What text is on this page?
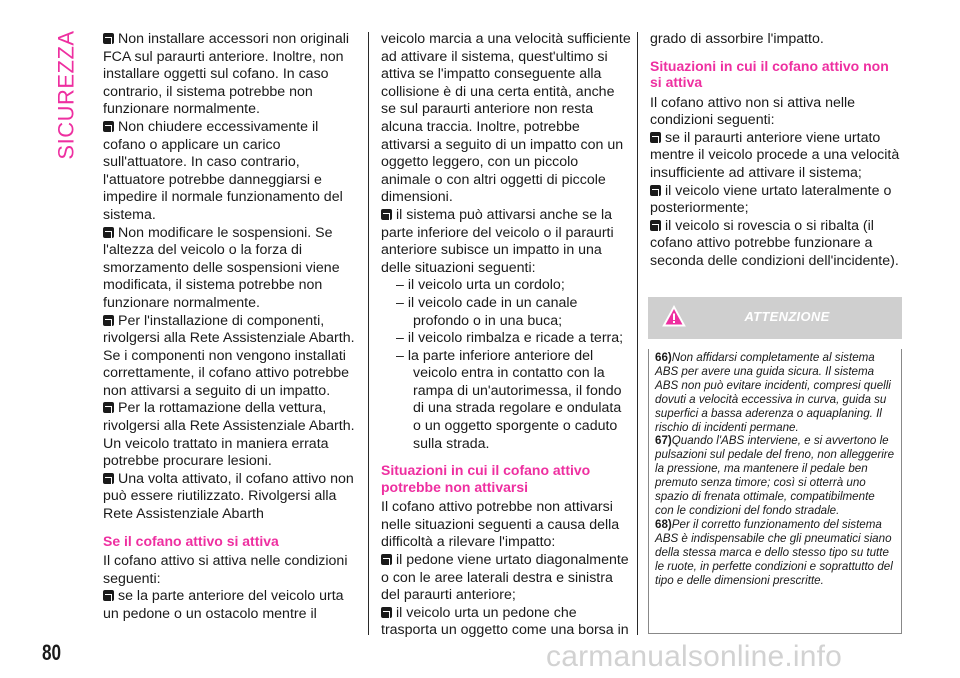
SICUREZZA
80

Non installare accessori non originali FCA sul paraurti anteriore. Inoltre, non installare oggetti sul cofano. In caso contrario, il sistema potrebbe non funzionare normalmente.

Non chiudere eccessivamente il cofano o applicare un carico sull'attuatore. In caso contrario, l'attuatore potrebbe danneggiarsi e impedire il normale funzionamento del sistema.

Non modificare le sospensioni. Se l'altezza del veicolo o la forza di smorzamento delle sospensioni viene modificata, il sistema potrebbe non funzionare normalmente.

Per l'installazione di componenti, rivolgersi alla Rete Assistenziale Abarth. Se i componenti non vengono installati correttamente, il cofano attivo potrebbe non attivarsi a seguito di un impatto.

Per la rottamazione della vettura, rivolgersi alla Rete Assistenziale Abarth. Un veicolo trattato in maniera errata potrebbe procurare lesioni.

Una volta attivato, il cofano attivo non può essere riutilizzato. Rivolgersi alla Rete Assistenziale Abarth

Se il cofano attivo si attiva

Il cofano attivo si attiva nelle condizioni seguenti:

se la parte anteriore del veicolo urta un pedone o un ostacolo mentre il

veicolo marcia a una velocità sufficiente ad attivare il sistema, quest'ultimo si attiva se l'impatto conseguente alla collisione è di una certa entità, anche se sul paraurti anteriore non resta alcuna traccia. Inoltre, potrebbe attivarsi a seguito di un impatto con un oggetto leggero, con un piccolo animale o con altri oggetti di piccole dimensioni.

il sistema può attivarsi anche se la parte inferiore del veicolo o il paraurti anteriore subisce un impatto in una delle situazioni seguenti:

– il veicolo urta un cordolo;

– il veicolo cade in un canale profondo o in una buca;

– il veicolo rimbalza e ricade a terra;

– la parte inferiore anteriore del veicolo entra in contatto con la rampa di un'autorimessa, il fondo di una strada regolare e ondulata o un oggetto sporgente o caduto sulla strada.

Situazioni in cui il cofano attivo potrebbe non attivarsi

Il cofano attivo potrebbe non attivarsi nelle situazioni seguenti a causa della difficoltà a rilevare l'impatto:

il pedone viene urtato diagonalmente o con le aree laterali destra e sinistra del paraurti anteriore;

il veicolo urta un pedone che trasporta un oggetto come una borsa in

grado di assorbire l'impatto.

Situazioni in cui il cofano attivo non si attiva

Il cofano attivo non si attiva nelle condizioni seguenti:

se il paraurti anteriore viene urtato mentre il veicolo procede a una velocità insufficiente ad attivare il sistema;

il veicolo viene urtato lateralmente o posteriormente;

il veicolo si rovescia o si ribalta (il cofano attivo potrebbe funzionare a seconda delle condizioni dell'incidente).

ATTENZIONE

66)Non affidarsi completamente al sistema ABS per avere una guida sicura. Il sistema ABS non può evitare incidenti, compresi quelli dovuti a velocità eccessiva in curva, guida su superfici a bassa aderenza o aquaplaning. Il rischio di incidenti permane.

67)Quando l'ABS interviene, e si avvertono le pulsazioni sul pedale del freno, non alleggerire la pressione, ma mantenere il pedale ben premuto senza timore; così si otterrà uno spazio di frenata ottimale, compatibilmente con le condizioni del fondo stradale.

68)Per il corretto funzionamento del sistema ABS è indispensabile che gli pneumatici siano della stessa marca e dello stesso tipo su tutte le ruote, in perfette condizioni e soprattutto del tipo e delle dimensioni prescritte.

carmanualsonline.info
